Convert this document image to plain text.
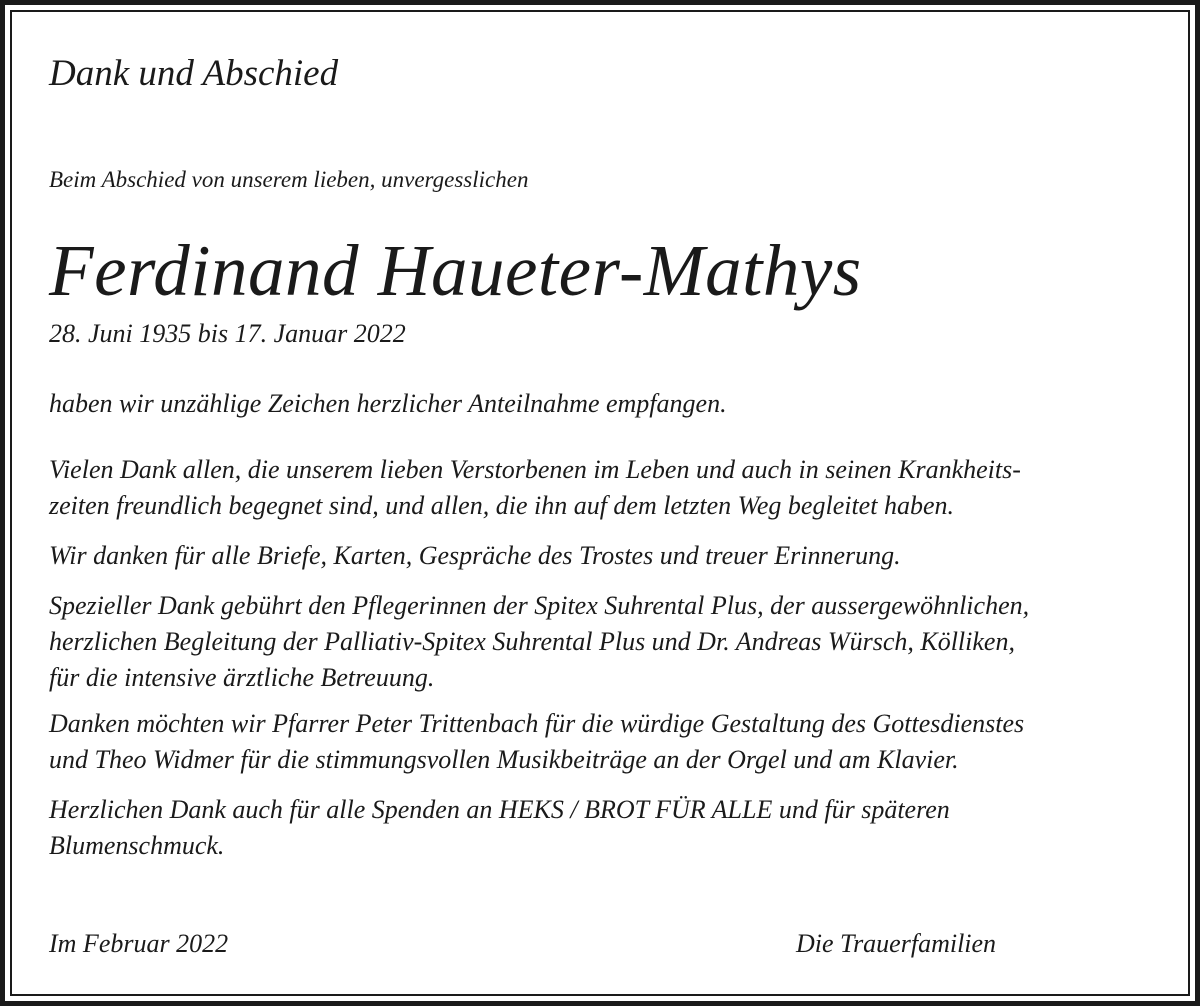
Dank und Abschied

Beim Abschied von unserem lieben, unvergesslichen

Ferdinand Haueter-Mathys

28. Juni 1935 bis 17. Januar 2022

haben wir unzählige Zeichen herzlicher Anteilnahme empfangen.

Vielen Dank allen, die unserem lieben Verstorbenen im Leben und auch in seinen Krankheits-
zeiten freundlich begegnet sind, und allen, die ihn auf dem letzten Weg begleitet haben.
Wir danken für alle Briefe, Karten, Gespräche des Trostes und treuer Erinnerung.
Spezieller Dank gebührt den Pflegerinnen der Spitex Suhrental Plus, der aussergewöhnlichen,
herzlichen Begleitung der Palliativ-Spitex Suhrental Plus und Dr. Andreas Würsch, Kölliken,
für die intensive ärztliche Betreuung.
Danken möchten wir Pfarrer Peter Trittenbach für die würdige Gestaltung des Gottesdienstes
und Theo Widmer für die stimmungsvollen Musikbeiträge an der Orgel und am Klavier.
Herzlichen Dank auch für alle Spenden an HEKS / BROT FÜR ALLE und für späteren
Blumenschmuck.

Im Februar 2022	Die Trauerfamilien
